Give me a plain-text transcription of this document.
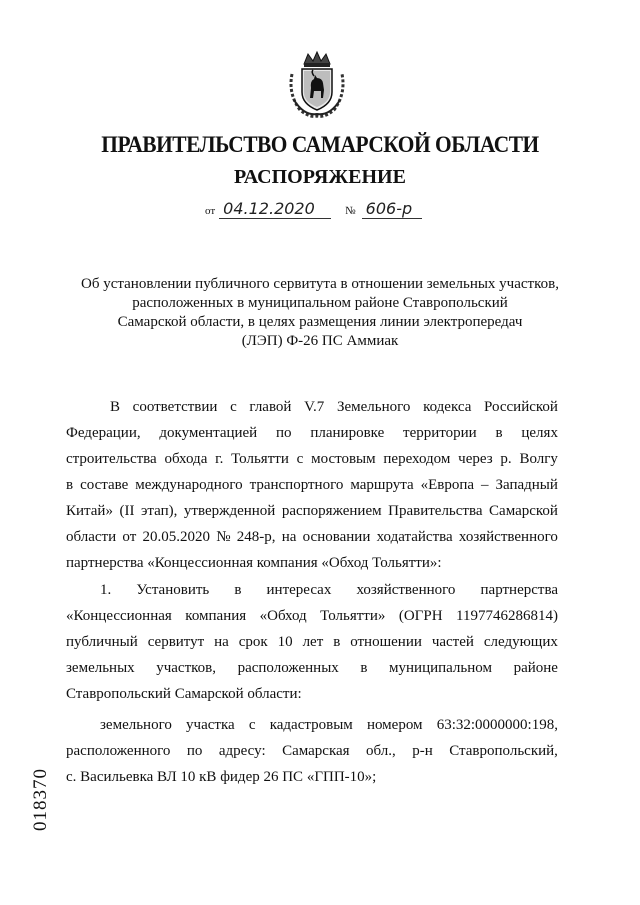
ПРАВИТЕЛЬСТВО САМАРСКОЙ ОБЛАСТИ
РАСПОРЯЖЕНИЕ
от 04.12.2020	№ 606-р
Об установлении публичного сервитута в отношении земельных участков,
расположенных в муниципальном районе Ставропольский
Самарской области, в целях размещения линии электропередач
(ЛЭП) Ф-26 ПС Аммиак
В соответствии с главой V.7 Земельного кодекса Российской
Федерации, документацией по планировке территории в целях
строительства обхода г. Тольятти с мостовым переходом через р. Волгу
в составе международного транспортного маршрута «Европа – Западный
Китай» (II этап), утвержденной распоряжением Правительства Самарской
области от 20.05.2020 № 248-р, на основании ходатайства хозяйственного
партнерства «Концессионная компания «Обход Тольятти»:
1. Установить в интересах хозяйственного партнерства
«Концессионная компания «Обход Тольятти» (ОГРН 1197746286814)
публичный сервитут на срок 10 лет в отношении частей следующих
земельных участков, расположенных в муниципальном районе
Ставропольский Самарской области:
земельного участка с кадастровым номером 63:32:0000000:198,
расположенного по адресу: Самарская обл., р-н Ставропольский,
с. Васильевка ВЛ 10 кВ фидер 26 ПС «ГПП-10»;
018370
